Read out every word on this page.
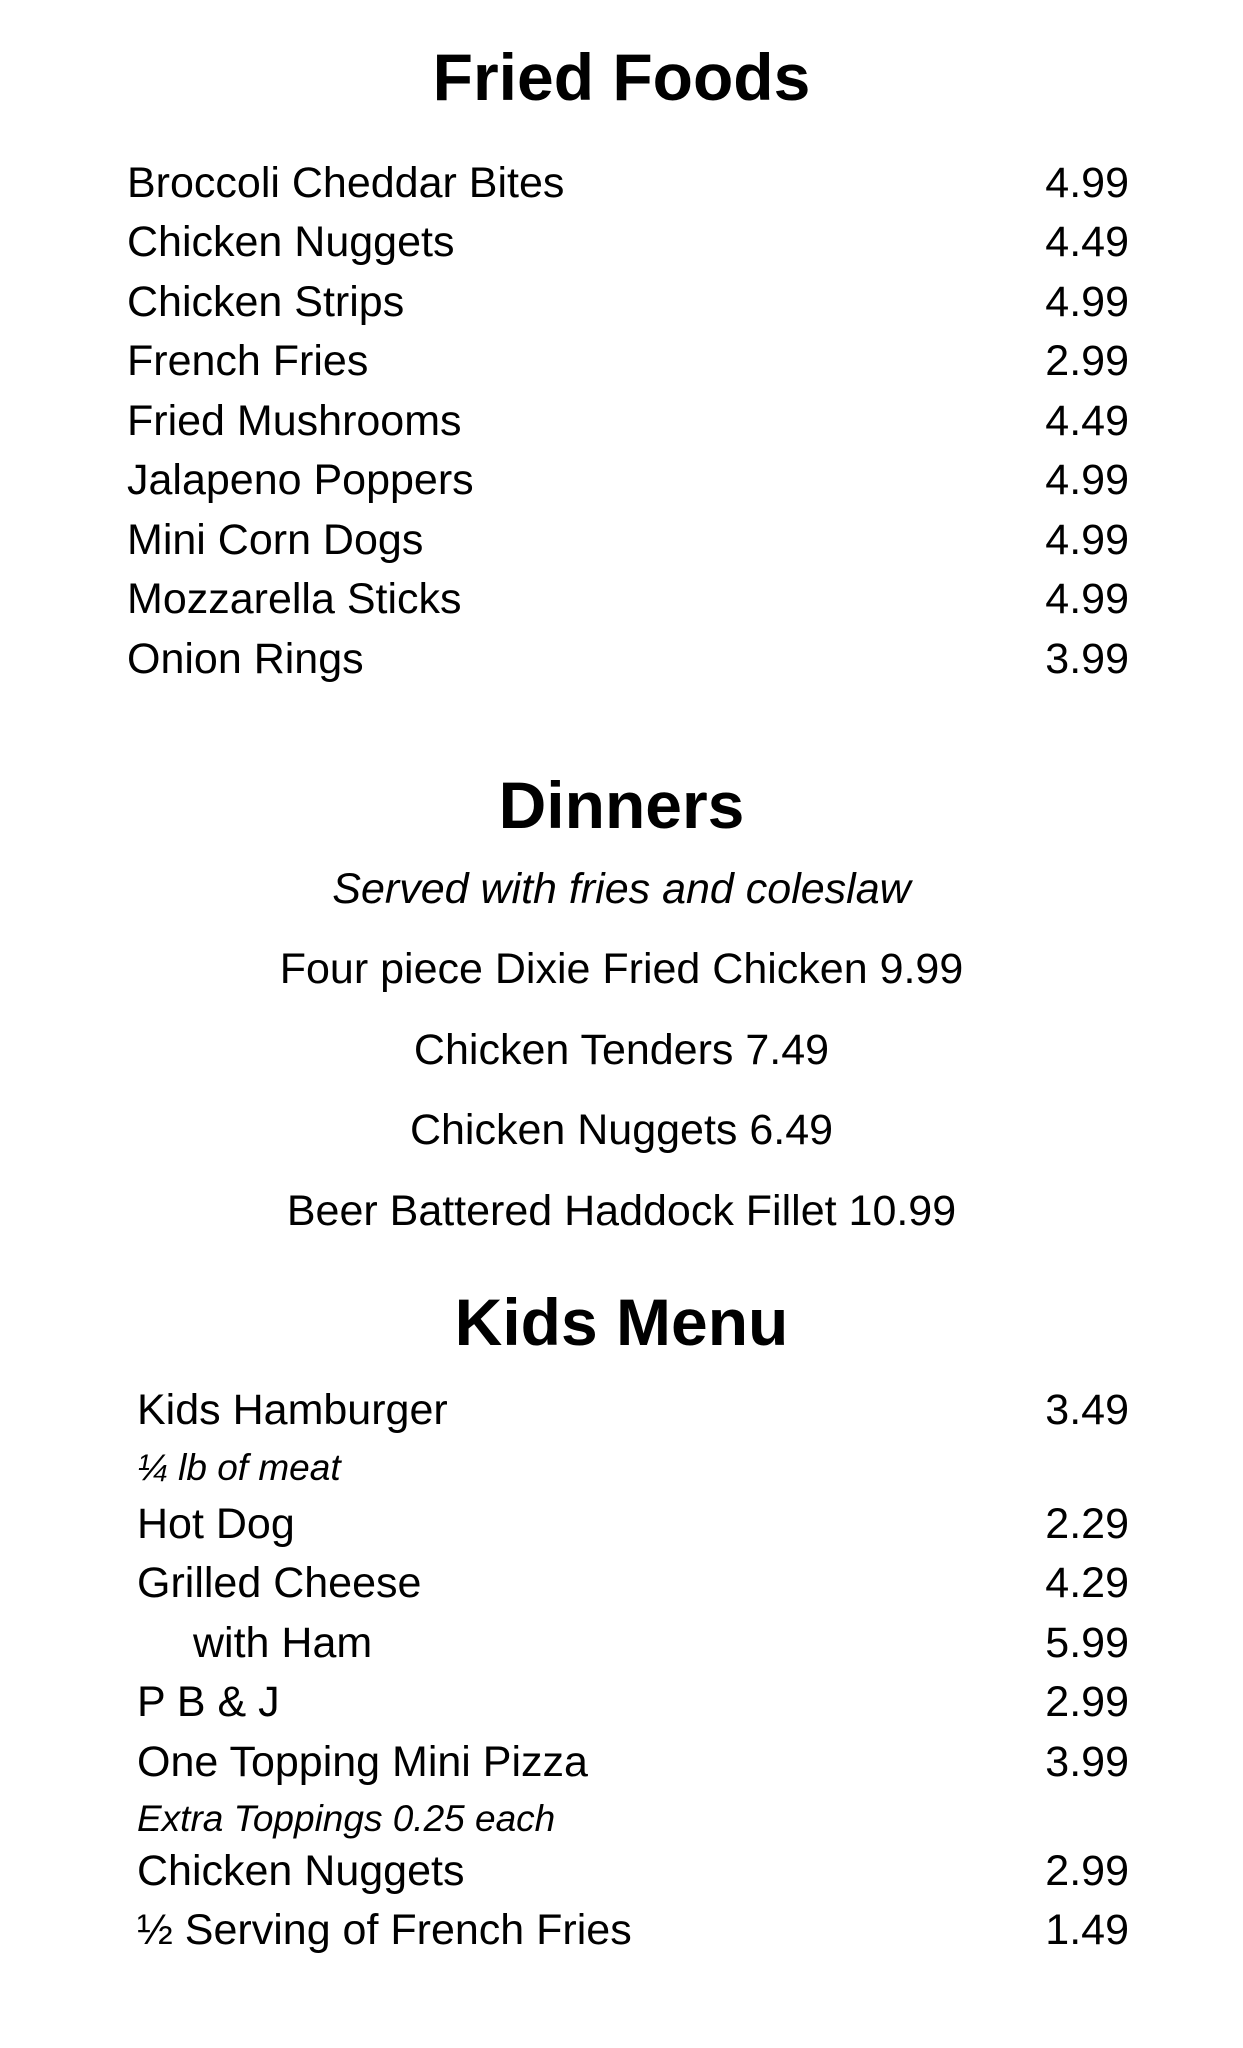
Fried Foods
Broccoli Cheddar Bites	4.99
Chicken Nuggets	4.49
Chicken Strips	4.99
French Fries	2.99
Fried Mushrooms	4.49
Jalapeno Poppers	4.99
Mini Corn Dogs	4.99
Mozzarella Sticks	4.99
Onion Rings	3.99
Dinners
Served with fries and coleslaw
Four piece Dixie Fried Chicken 9.99
Chicken Tenders 7.49
Chicken Nuggets 6.49
Beer Battered Haddock Fillet 10.99
Kids Menu
Kids Hamburger	3.49
¼ lb of meat
Hot Dog	2.29
Grilled Cheese	4.29
with Ham	5.99
P B & J	2.99
One Topping Mini Pizza	3.99
Extra Toppings 0.25 each
Chicken Nuggets	2.99
½ Serving of French Fries	1.49
